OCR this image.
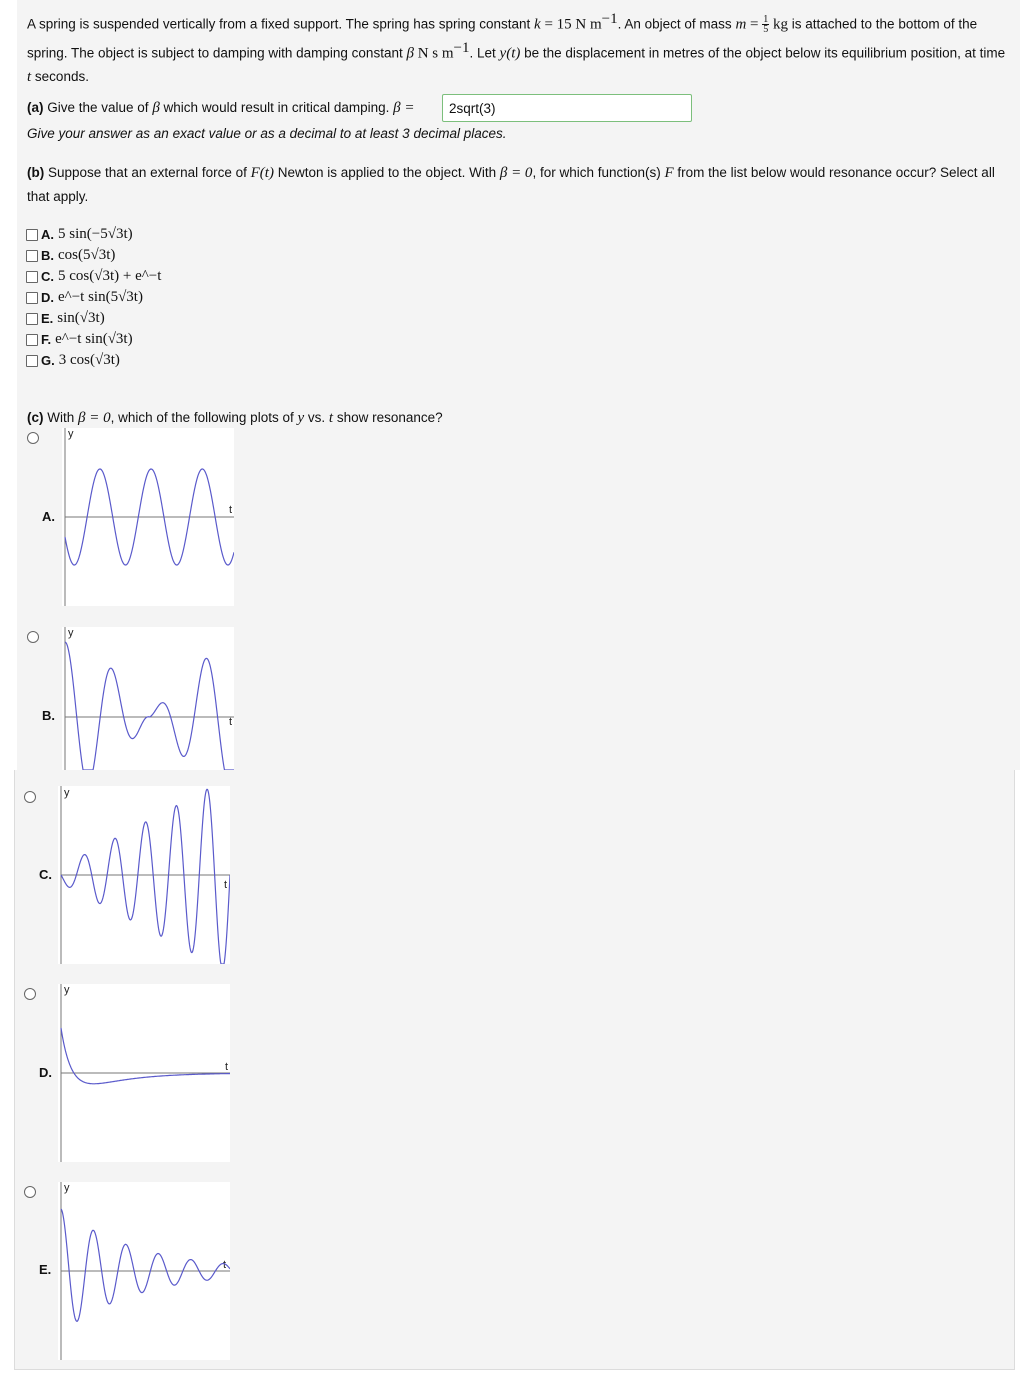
A spring is suspended vertically from a fixed support. The spring has spring constant k = 15 N $m^{-1}$. An object of mass $m = \frac{1}{5}$ kg is attached to the bottom of the spring. The object is subject to damping with damping constant β N s $m^{-1}$. Let y(t) be the displacement in metres of the object below its equilibrium position, at time t seconds.
(a) Give the value of β which would result in critical damping. β =
2sqrt(3)
Give your answer as an exact value or as a decimal to at least 3 decimal places.
(b) Suppose that an external force of F(t) Newton is applied to the object. With β = 0, for which function(s) F from the list below would resonance occur? Select all that apply.
A. 5 sin(−5√3t)
B. cos(5√3t)
C. 5 cos(√3t) + e^−t
D. e^−t sin(5√3t)
E. sin(√3t)
F. e^−t sin(√3t)
G. 3 cos(√3t)
(c) With β = 0, which of the following plots of y vs. t show resonance?
A.
y
t
B.
y
t
C.
y
t
D.
y
t
E.
y
t
